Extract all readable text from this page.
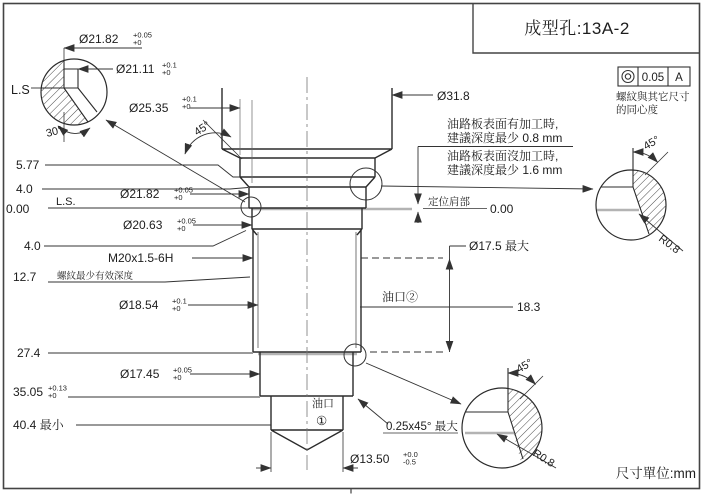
成型孔:13A-2
尺寸單位:mm
0.05 A
螺紋與其它尺寸
的同心度
油路板表面有加工時,
建議深度最少 0.8 mm
油路板表面沒加工時,
建議深度最少 1.6 mm
5.77
4.0
0.00 L.S.
4.0
12.7 螺紋最少有效深度
27.4
35.05 +0.13
+0
40.4 最小
Ø21.82 +0.05
+0
Ø20.63 +0.05
+0
M20x1.5-6H
Ø18.54 +0.1
+0
Ø17.45 +0.05
+0
Ø31.8
45°
Ø13.50 +0.0
-0.5
定位肩部 0.00
Ø17.5 最大
18.3
油口②
油口
①	0.25x45° 最大
30°
L.S
Ø21.82 +0.05
+0
Ø21.11 +0.1
+0
Ø25.35
+0.1
+0
45°
R0.8
45°
R0.8
